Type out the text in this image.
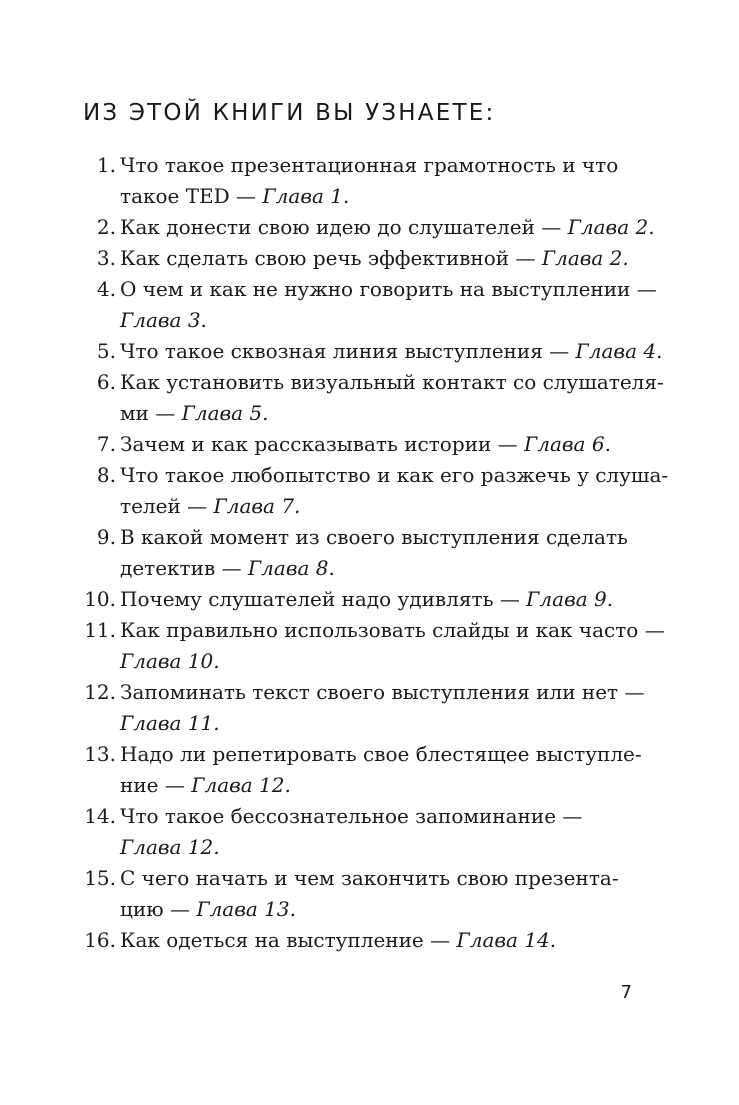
ИЗ ЭТОЙ КНИГИ ВЫ УЗНАЕТЕ:
1. Что такое презентационная грамотность и что
такое TED — Глава 1.
2. Как донести свою идею до слушателей — Глава 2.
3. Как сделать свою речь эффективной — Глава 2.
4. О чем и как не нужно говорить на выступлении —
Глава 3.
5. Что такое сквозная линия выступления — Глава 4.
6. Как установить визуальный контакт со слушателя-
ми — Глава 5.
7. Зачем и как рассказывать истории — Глава 6.
8. Что такое любопытство и как его разжечь у слуша-
телей — Глава 7.
9. В какой момент из своего выступления сделать
детектив — Глава 8.
10. Почему слушателей надо удивлять — Глава 9.
11. Как правильно использовать слайды и как часто —
Глава 10.
12. Запоминать текст своего выступления или нет —
Глава 11.
13. Надо ли репетировать свое блестящее выступле-
ние — Глава 12.
14. Что такое бессознательное запоминание —
Глава 12.
15. С чего начать и чем закончить свою презента-
цию — Глава 13.
16. Как одеться на выступление — Глава 14.
7
